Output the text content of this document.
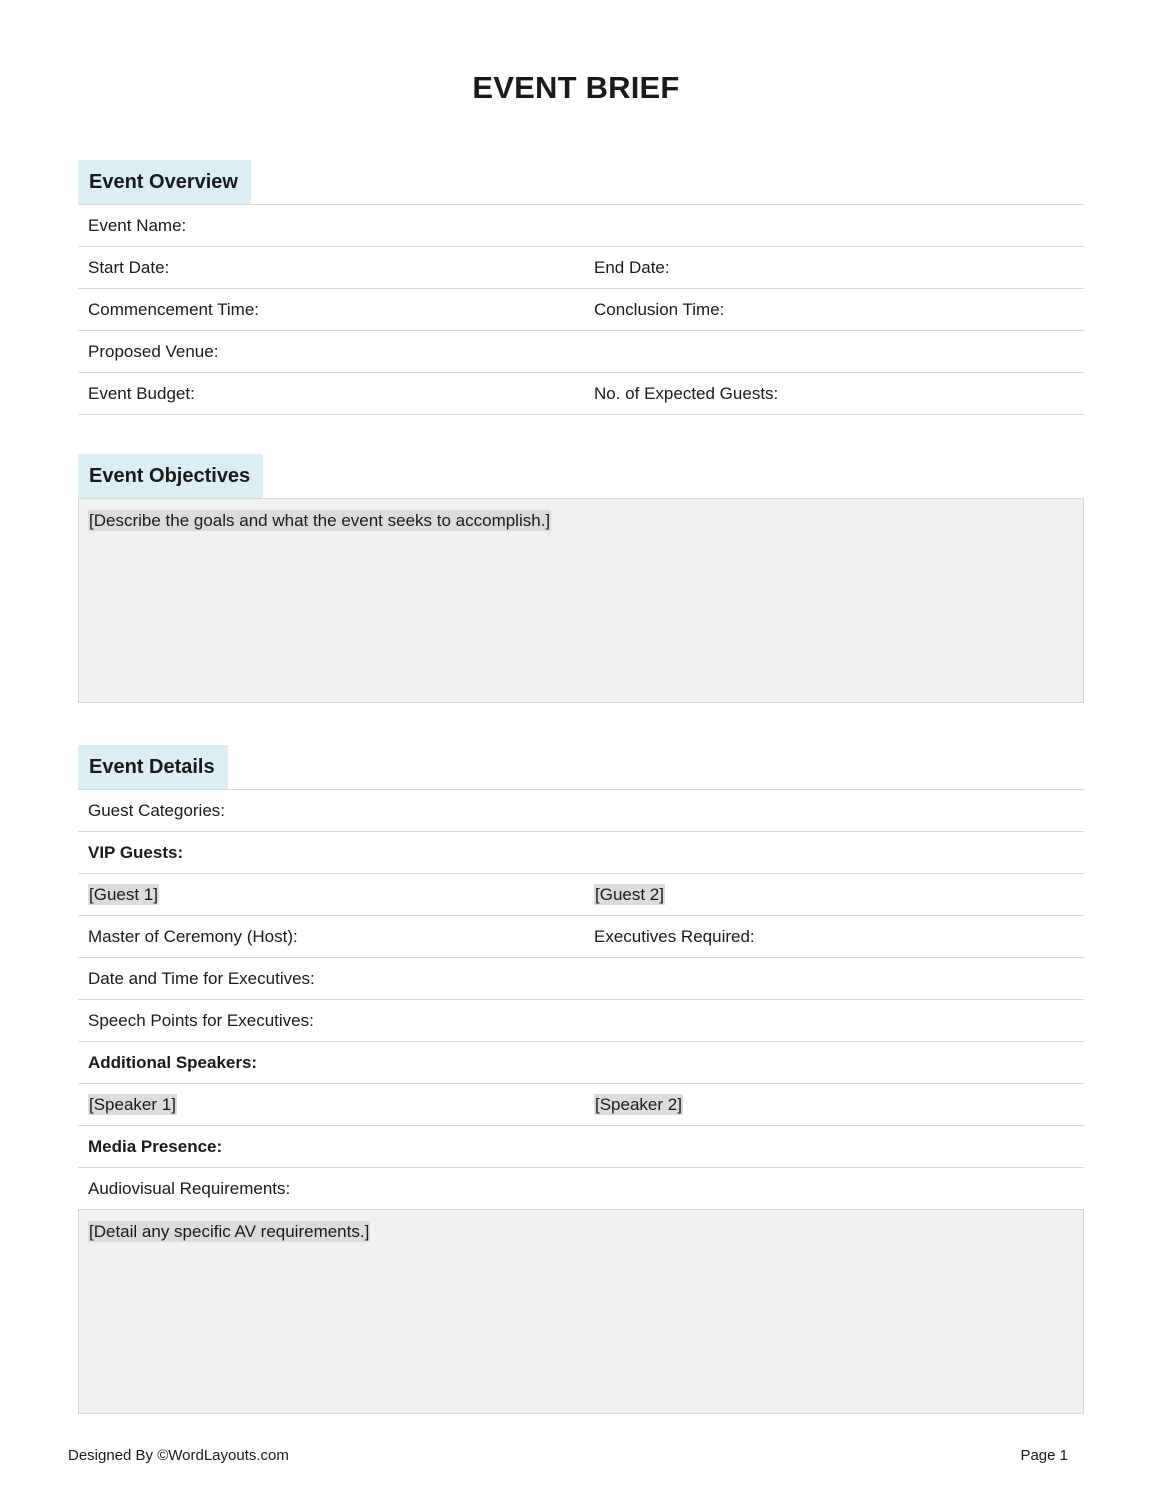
EVENT BRIEF
Event Overview
Event Name:
Start Date:	End Date:
Commencement Time:	Conclusion Time:
Proposed Venue:
Event Budget:	No. of Expected Guests:
Event Objectives
[Describe the goals and what the event seeks to accomplish.]
Event Details
Guest Categories:
VIP Guests:
[Guest 1]	[Guest 2]
Master of Ceremony (Host):	Executives Required:
Date and Time for Executives:
Speech Points for Executives:
Additional Speakers:
[Speaker 1]	[Speaker 2]
Media Presence:
Audiovisual Requirements:
[Detail any specific AV requirements.]
Designed By ©WordLayouts.com	Page 1
